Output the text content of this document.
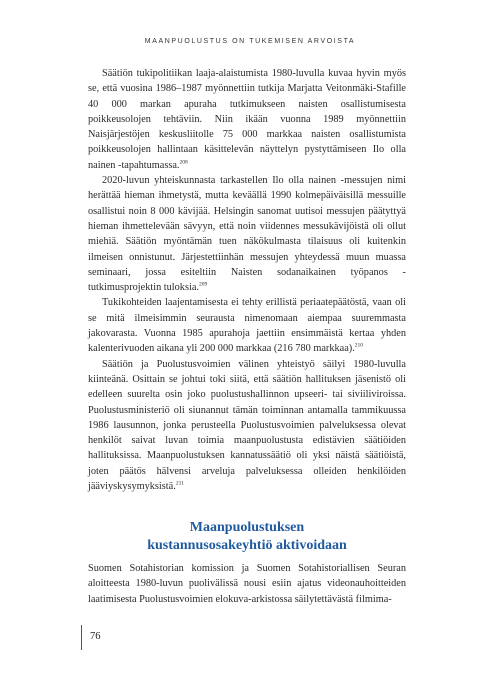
MAANPUOLUSTUS ON TUKEMISEN ARVOISTA

Säätiön tukipolitiikan laaja-alaistumista 1980-luvulla kuvaa hyvin myös se, että vuosina 1986–1987 myönnettiin tutkija Marjatta Veitonmäki-Stafille 40 000 markan apuraha tutkimukseen naisten osallistumisesta poikkeusolojen tehtäviin. Niin ikään vuonna 1989 myönnettiin Naisjärjestöjen keskusliitolle 75 000 markkaa naisten osallistumista poikkeusolojen hallintaan käsittelevän näyttelyn pystyttämiseen Ilo olla nainen -tapahtumassa.$^{208}$

2020-luvun yhteiskunnasta tarkastellen Ilo olla nainen -messujen nimi herättää hieman ihmetystä, mutta keväällä 1990 kolmepäiväisillä messuille osallistui noin 8 000 kävijää. Helsingin sanomat uutisoi messujen päätyttyä hieman ihmettelevään sävyyn, että noin viidennes messukävijöistä oli ollut miehiä. Säätiön myöntämän tuen näkökulmasta tilaisuus oli kuitenkin ilmeisen onnistunut. Järjestettiinhän messujen yhteydessä muun muassa seminaari, jossa esiteltiin Naisten sodanaikainen työpanos -tutkimusprojektin tuloksia.$^{209}$

Tukikohteiden laajentamisesta ei tehty erillistä periaatepäätöstä, vaan oli se mitä ilmeisimmin seurausta nimenomaan aiempaa suuremmasta jakovarasta. Vuonna 1985 apurahoja jaettiin ensimmäistä kertaa yhden kalenterivuoden aikana yli 200 000 markkaa (216 780 markkaa).$^{210}$

Säätiön ja Puolustusvoimien välinen yhteistyö säilyi 1980-luvulla kiinteänä. Osittain se johtui toki siitä, että säätiön hallituksen jäsenistö oli edelleen suurelta osin joko puolustushallinnon upseeri- tai siviiliviroissa. Puolustusministeriö oli siunannut tämän toiminnan antamalla tammikuussa 1986 lausunnon, jonka perusteella Puolustusvoimien palveluksessa olevat henkilöt saivat luvan toimia maanpuolustusta edistävien säätiöiden hallituksissa. Maanpuolustuksen kannatussäätiö oli yksi näistä säätiöistä, joten päätös hälvensi arveluja palveluksessa olleiden henkilöiden jääviyskysymyksistä.$^{211}$

Maanpuolustuksen
kustannusosakeyhtiö aktivoidaan
Suomen Sotahistorian komission ja Suomen Sotahistoriallisen Seuran aloitteesta 1980-luvun puolivälissä nousi esiin ajatus videonauhoitteiden laatimisesta Puolustusvoimien elokuva-arkistossa säilytettävästä filmima-
76
